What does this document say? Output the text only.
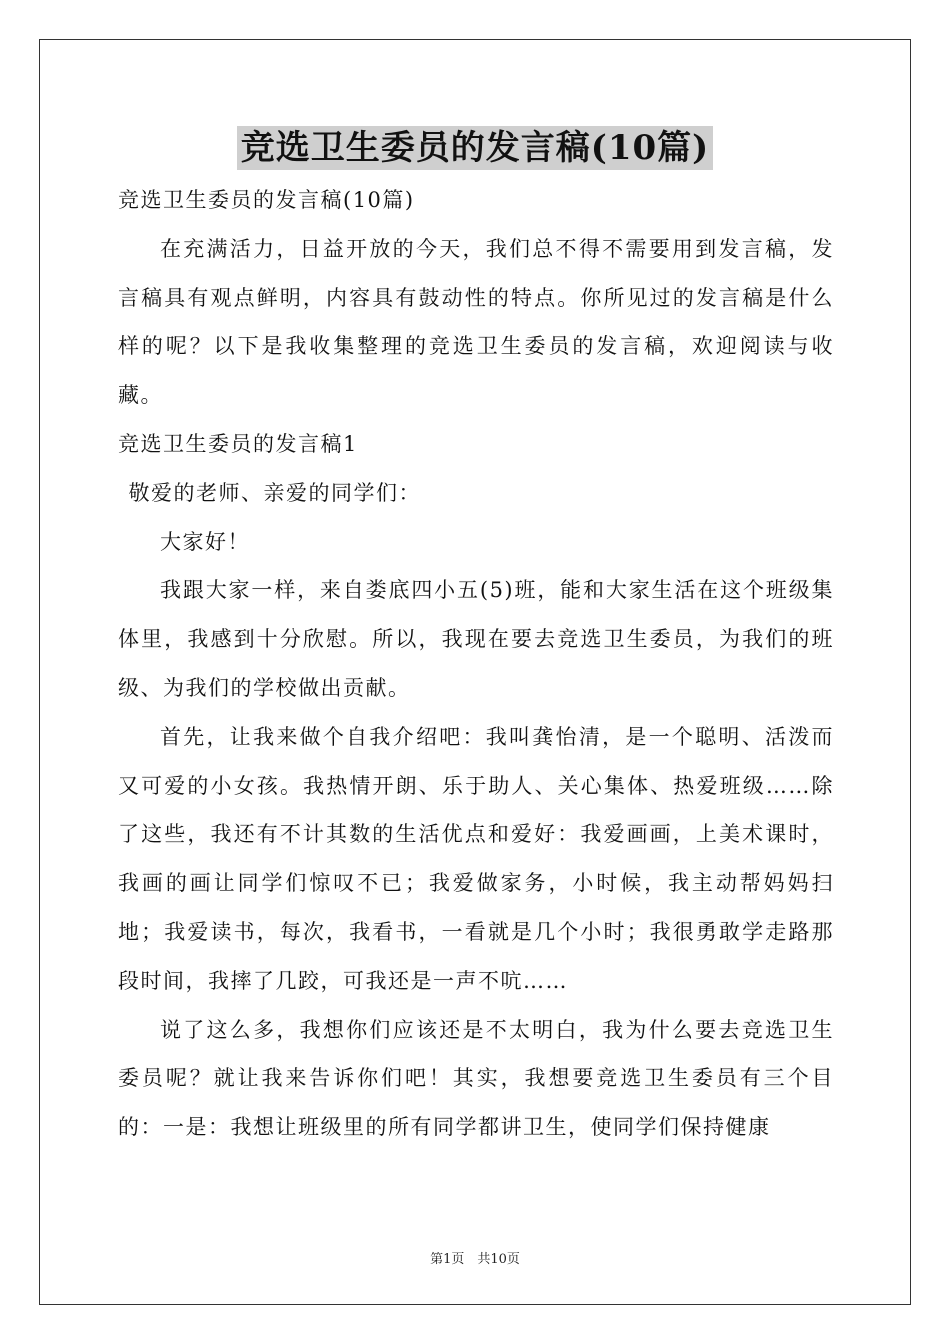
竞选卫生委员的发言稿(10篇)

竞选卫生委员的发言稿(10篇)

在充满活力，日益开放的今天，我们总不得不需要用到发言稿，发言稿具有观点鲜明，内容具有鼓动性的特点。你所见过的发言稿是什么样的呢？以下是我收集整理的竞选卫生委员的发言稿，欢迎阅读与收藏。

竞选卫生委员的发言稿1

敬爱的老师、亲爱的同学们：

大家好！

我跟大家一样，来自娄底四小五(5)班，能和大家生活在这个班级集体里，我感到十分欣慰。所以，我现在要去竞选卫生委员，为我们的班级、为我们的学校做出贡献。

首先，让我来做个自我介绍吧：我叫龚怡清，是一个聪明、活泼而又可爱的小女孩。我热情开朗、乐于助人、关心集体、热爱班级……除了这些，我还有不计其数的生活优点和爱好：我爱画画，上美术课时，我画的画让同学们惊叹不已；我爱做家务，小时候，我主动帮妈妈扫地；我爱读书，每次，我看书，一看就是几个小时；我很勇敢学走路那段时间，我摔了几跤，可我还是一声不吭……

说了这么多，我想你们应该还是不太明白，我为什么要去竞选卫生委员呢？就让我来告诉你们吧！其实，我想要竞选卫生委员有三个目的：一是：我想让班级里的所有同学都讲卫生，使同学们保持健康

第1页　共10页
